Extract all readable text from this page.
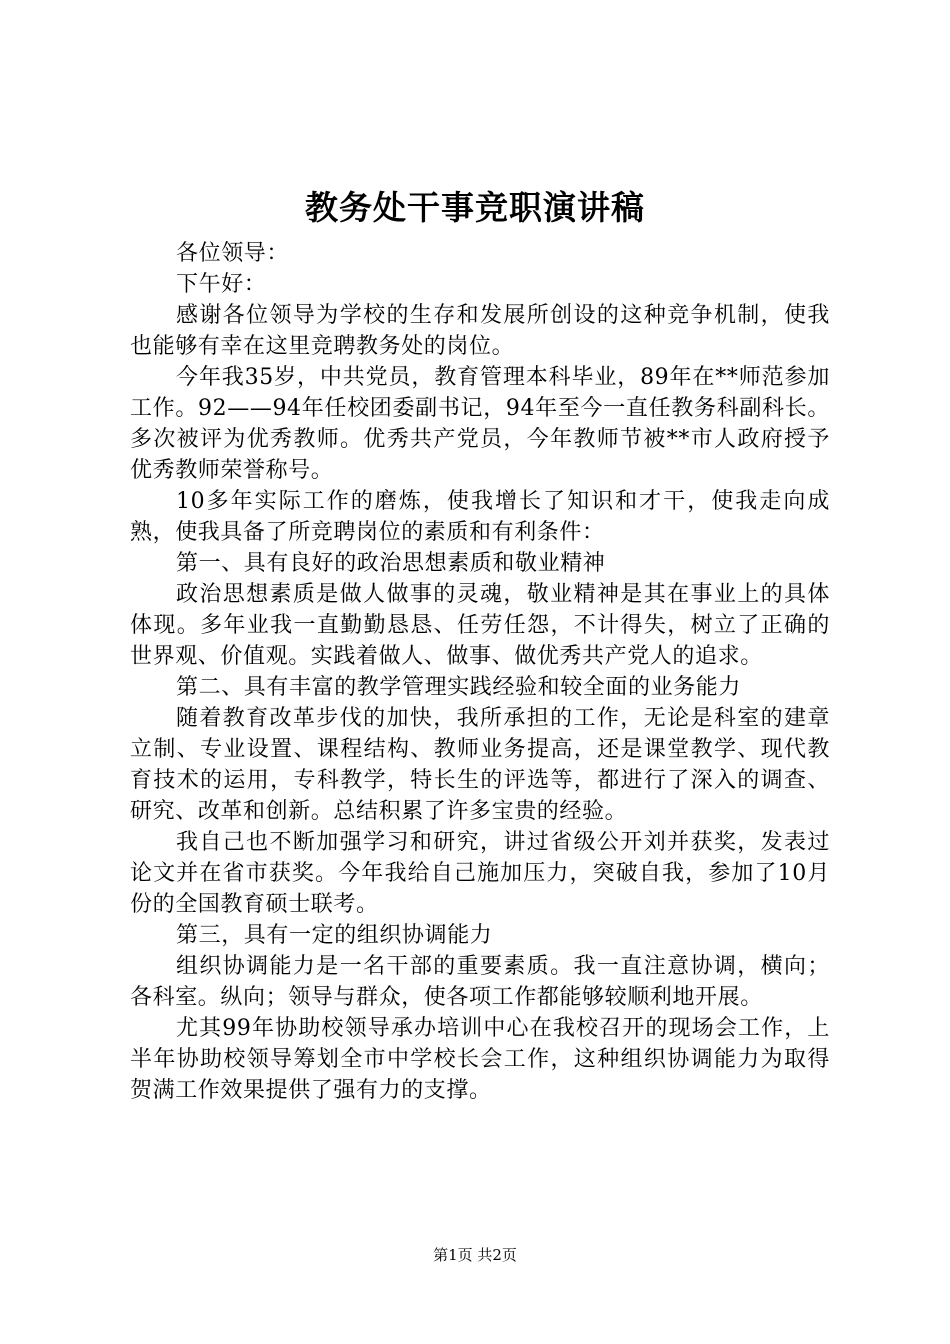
教务处干事竞职演讲稿

各位领导：

下午好：

感谢各位领导为学校的生存和发展所创设的这种竞争机制，使我也能够有幸在这里竞聘教务处的岗位。

今年我35岁，中共党员，教育管理本科毕业，89年在**师范参加工作。92——94年任校团委副书记，94年至今一直任教务科副科长。多次被评为优秀教师。优秀共产党员，今年教师节被**市人政府授予优秀教师荣誉称号。

10多年实际工作的磨炼，使我增长了知识和才干，使我走向成熟，使我具备了所竞聘岗位的素质和有利条件：

第一、具有良好的政治思想素质和敬业精神

政治思想素质是做人做事的灵魂，敬业精神是其在事业上的具体体现。多年业我一直勤勤恳恳、任劳任怨，不计得失，树立了正确的世界观、价值观。实践着做人、做事、做优秀共产党人的追求。

第二、具有丰富的教学管理实践经验和较全面的业务能力

随着教育改革步伐的加快，我所承担的工作，无论是科室的建章立制、专业设置、课程结构、教师业务提高，还是课堂教学、现代教育技术的运用，专科教学，特长生的评选等，都进行了深入的调查、研究、改革和创新。总结积累了许多宝贵的经验。

我自己也不断加强学习和研究，讲过省级公开刘并获奖，发表过论文并在省市获奖。今年我给自己施加压力，突破自我，参加了10月份的全国教育硕士联考。

第三，具有一定的组织协调能力

组织协调能力是一名干部的重要素质。我一直注意协调，横向；各科室。纵向；领导与群众，使各项工作都能够较顺利地开展。

尤其99年协助校领导承办培训中心在我校召开的现场会工作，上半年协助校领导筹划全市中学校长会工作，这种组织协调能力为取得贺满工作效果提供了强有力的支撑。

第1页 共2页
